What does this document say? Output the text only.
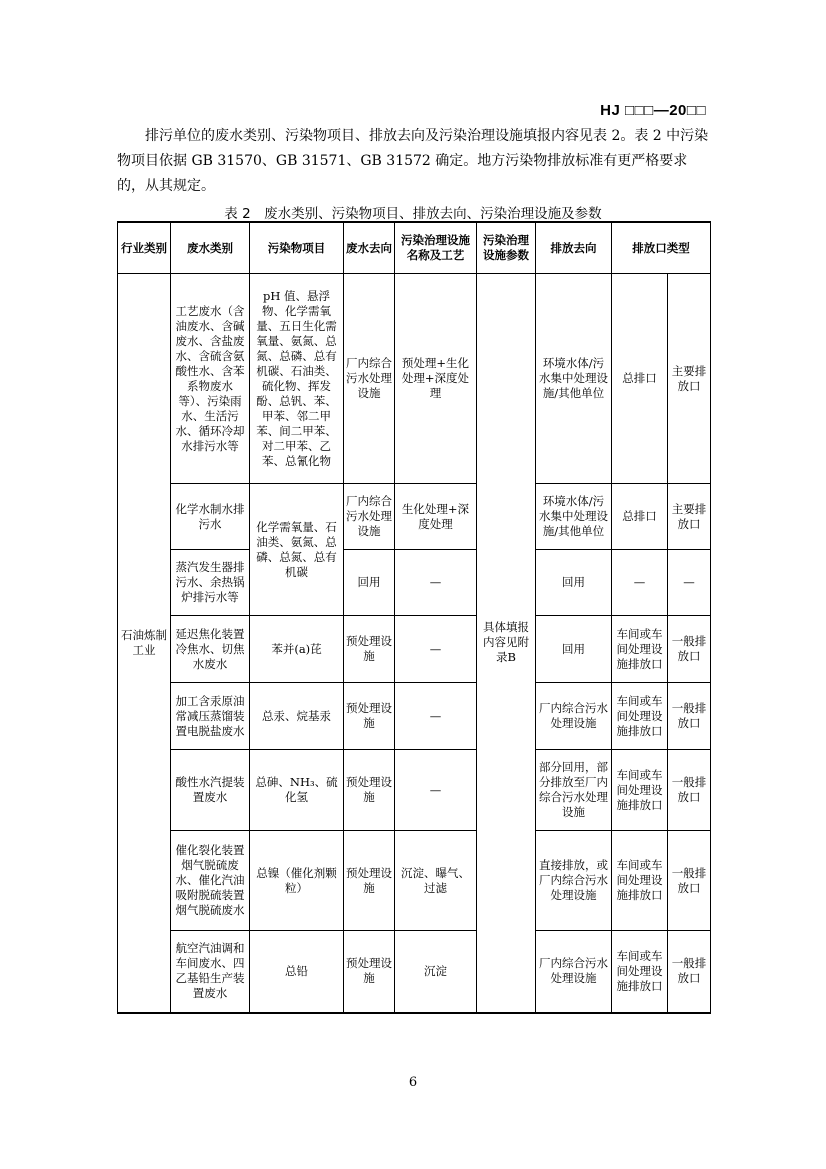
HJ □□□—20□□

排污单位的废水类别、污染物项目、排放去向及污染治理设施填报内容见表 2。表 2 中污染物项目依据 GB 31570、GB 31571、GB 31572 确定。地方污染物排放标准有更严格要求的，从其规定。

表 2　废水类别、污染物项目、排放去向、污染治理设施及参数
行业类别	废水类别	污染物项目	废水去向	污染治理设施名称及工艺	污染治理设施参数	排放去向	排放口类型	
石油炼制工业	工艺废水（含油废水、含碱废水、含盐废水、含硫含氨酸性水、含苯系物废水等）、污染雨水、生活污水、循环冷却水排污水等	pH 值、悬浮物、化学需氧量、五日生化需氧量、氨氮、总氮、总磷、总有机碳、石油类、硫化物、挥发酚、总钒、苯、甲苯、邻二甲苯、间二甲苯、对二甲苯、乙苯、总氰化物	厂内综合污水处理设施	预处理+生化处理+深度处理	具体填报内容见附录B	环境水体/污水集中处理设施/其他单位	总排口	主要排放口
	化学水制水排污水	化学需氧量、石油类、氨氮、总磷、总氮、总有机碳	厂内综合污水处理设施	生化处理+深度处理		环境水体/污水集中处理设施/其他单位	总排口	主要排放口
	蒸汽发生器排污水、余热锅炉排污水等		回用	—		回用	—	—
	延迟焦化装置冷焦水、切焦水废水	苯并(a)芘	预处理设施	—		回用	车间或车间处理设施排放口	一般排放口
	加工含汞原油常减压蒸馏装置电脱盐废水	总汞、烷基汞	预处理设施	—		厂内综合污水处理设施	车间或车间处理设施排放口	一般排放口
	酸性水汽提装置废水	总砷、NH₃、硫化氢	预处理设施	—		部分回用，部分排放至厂内综合污水处理设施	车间或车间处理设施排放口	一般排放口
	催化裂化装置烟气脱硫废水、催化汽油吸附脱硫装置烟气脱硫废水	总镍（催化剂颗粒）	预处理设施	沉淀、曝气、过滤		直接排放，或厂内综合污水处理设施	车间或车间处理设施排放口	一般排放口
	航空汽油调和车间废水、四乙基铅生产装置废水	总铅	预处理设施	沉淀		厂内综合污水处理设施	车间或车间处理设施排放口	一般排放口
6
